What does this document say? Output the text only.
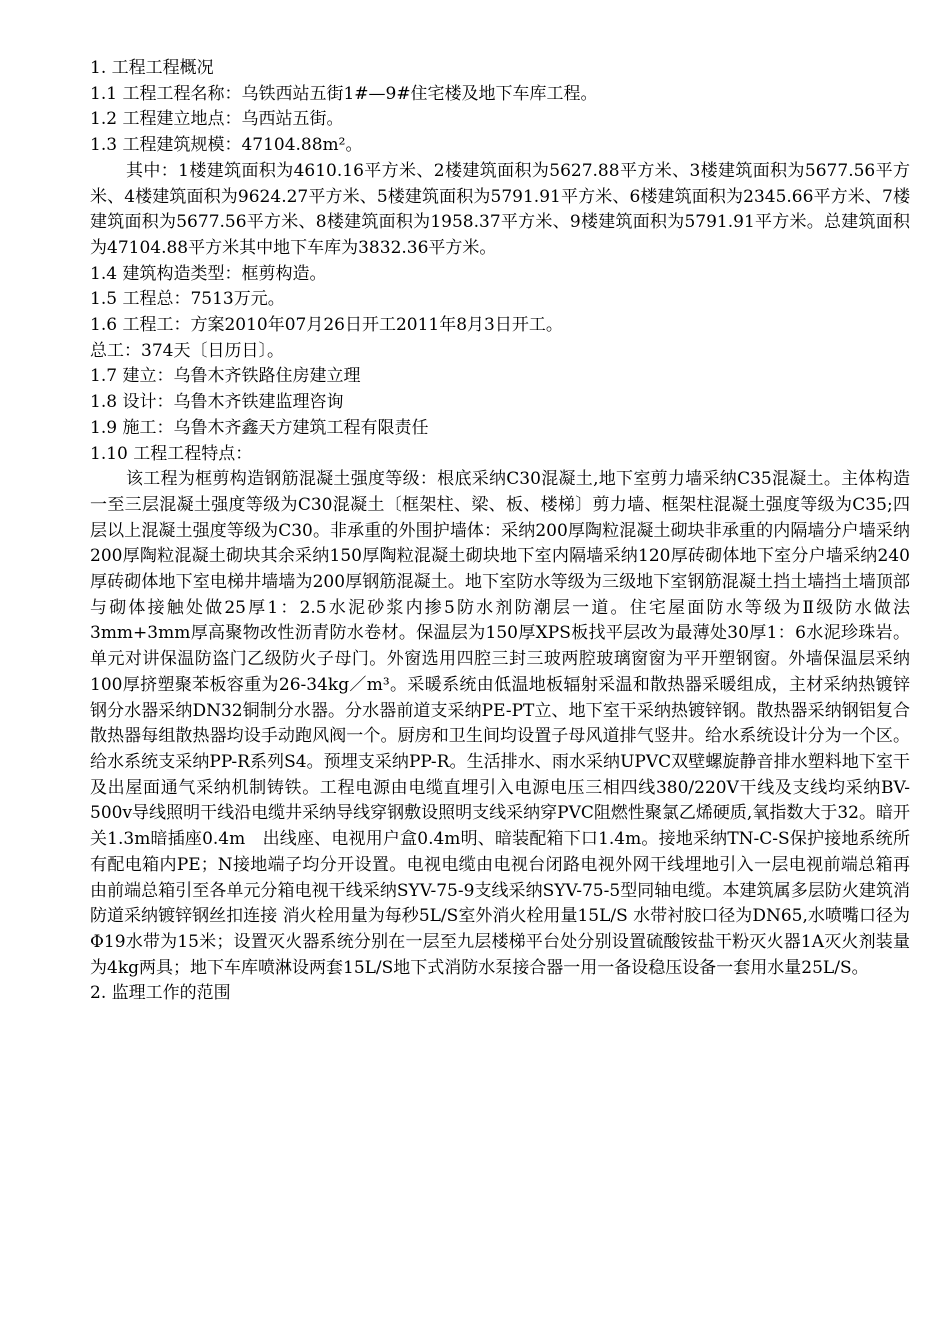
1. 工程工程概况

1.1 工程工程名称：乌铁西站五街1#—9#住宅楼及地下车库工程。

1.2 工程建立地点：乌西站五街。

1.3 工程建筑规模：47104.88m²。

其中：1楼建筑面积为4610.16平方米、2楼建筑面积为5627.88平方米、3楼建筑面积为5677.56平方米、4楼建筑面积为9624.27平方米、5楼建筑面积为5791.91平方米、6楼建筑面积为2345.66平方米、7楼建筑面积为5677.56平方米、8楼建筑面积为1958.37平方米、9楼建筑面积为5791.91平方米。总建筑面积为47104.88平方米其中地下车库为3832.36平方米。

1.4 建筑构造类型：框剪构造。

1.5 工程总：7513万元。

1.6 工程工：方案2010年07月26日开工2011年8月3日开工。

总工：374天〔日历日〕。

1.7 建立：乌鲁木齐铁路住房建立理

1.8 设计：乌鲁木齐铁建监理咨询

1.9 施工：乌鲁木齐鑫天方建筑工程有限责任

1.10 工程工程特点：

该工程为框剪构造钢筋混凝土强度等级：根底采纳C30混凝土,地下室剪力墙采纳C35混凝土。主体构造一至三层混凝土强度等级为C30混凝土〔框架柱、梁、板、楼梯〕剪力墙、框架柱混凝土强度等级为C35;四层以上混凝土强度等级为C30。非承重的外围护墙体：采纳200厚陶粒混凝土砌块非承重的内隔墙分户墙采纳200厚陶粒混凝土砌块其余采纳150厚陶粒混凝土砌块地下室内隔墙采纳120厚砖砌体地下室分户墙采纳240厚砖砌体地下室电梯井墙墙为200厚钢筋混凝土。地下室防水等级为三级地下室钢筋混凝土挡土墙挡土墙顶部与砌体接触处做25厚1：2.5水泥砂浆内掺5防水剂防潮层一道。住宅屋面防水等级为Ⅱ级防水做法3mm+3mm厚高聚物改性沥青防水卷材。保温层为150厚XPS板找平层改为最薄处30厚1：6水泥珍珠岩。单元对讲保温防盗门乙级防火子母门。外窗选用四腔三封三玻两腔玻璃窗窗为平开塑钢窗。外墙保温层采纳100厚挤塑聚苯板容重为26-34kg／m³。采暖系统由低温地板辐射采温和散热器采暖组成，主材采纳热镀锌钢分水器采纳DN32铜制分水器。分水器前道支采纳PE-PT立、地下室干采纳热镀锌钢。散热器采纳钢铝复合散热器每组散热器均设手动跑风阀一个。厨房和卫生间均设置子母风道排气竖井。给水系统设计分为一个区。给水系统支采纳PP-R系列S4。预埋支采纳PP-R。生活排水、雨水采纳UPVC双壁螺旋静音排水塑料地下室干及出屋面通气采纳机制铸铁。工程电源由电缆直埋引入电源电压三相四线380/220V干线及支线均采纳BV-500v导线照明干线沿电缆井采纳导线穿钢敷设照明支线采纳穿PVC阻燃性聚氯乙烯硬质,氧指数大于32。暗开关1.3m暗插座0.4m　出线座、电视用户盒0.4m明、暗装配箱下口1.4m。接地采纳TN-C-S保护接地系统所有配电箱内PE；N接地端子均分开设置。电视电缆由电视台闭路电视外网干线埋地引入一层电视前端总箱再由前端总箱引至各单元分箱电视干线采纳SYV-75-9支线采纳SYV-75-5型同轴电缆。本建筑属多层防火建筑消防道采纳镀锌钢丝扣连接 消火栓用量为每秒5L/S室外消火栓用量15L/S 水带衬胶口径为DN65,水喷嘴口径为Φ19水带为15米；设置灭火器系统分别在一层至九层楼梯平台处分别设置硫酸铵盐干粉灭火器1A灭火剂装量为4kg两具；地下车库喷淋设两套15L/S地下式消防水泵接合器一用一备设稳压设备一套用水量25L/S。

2. 监理工作的范围
